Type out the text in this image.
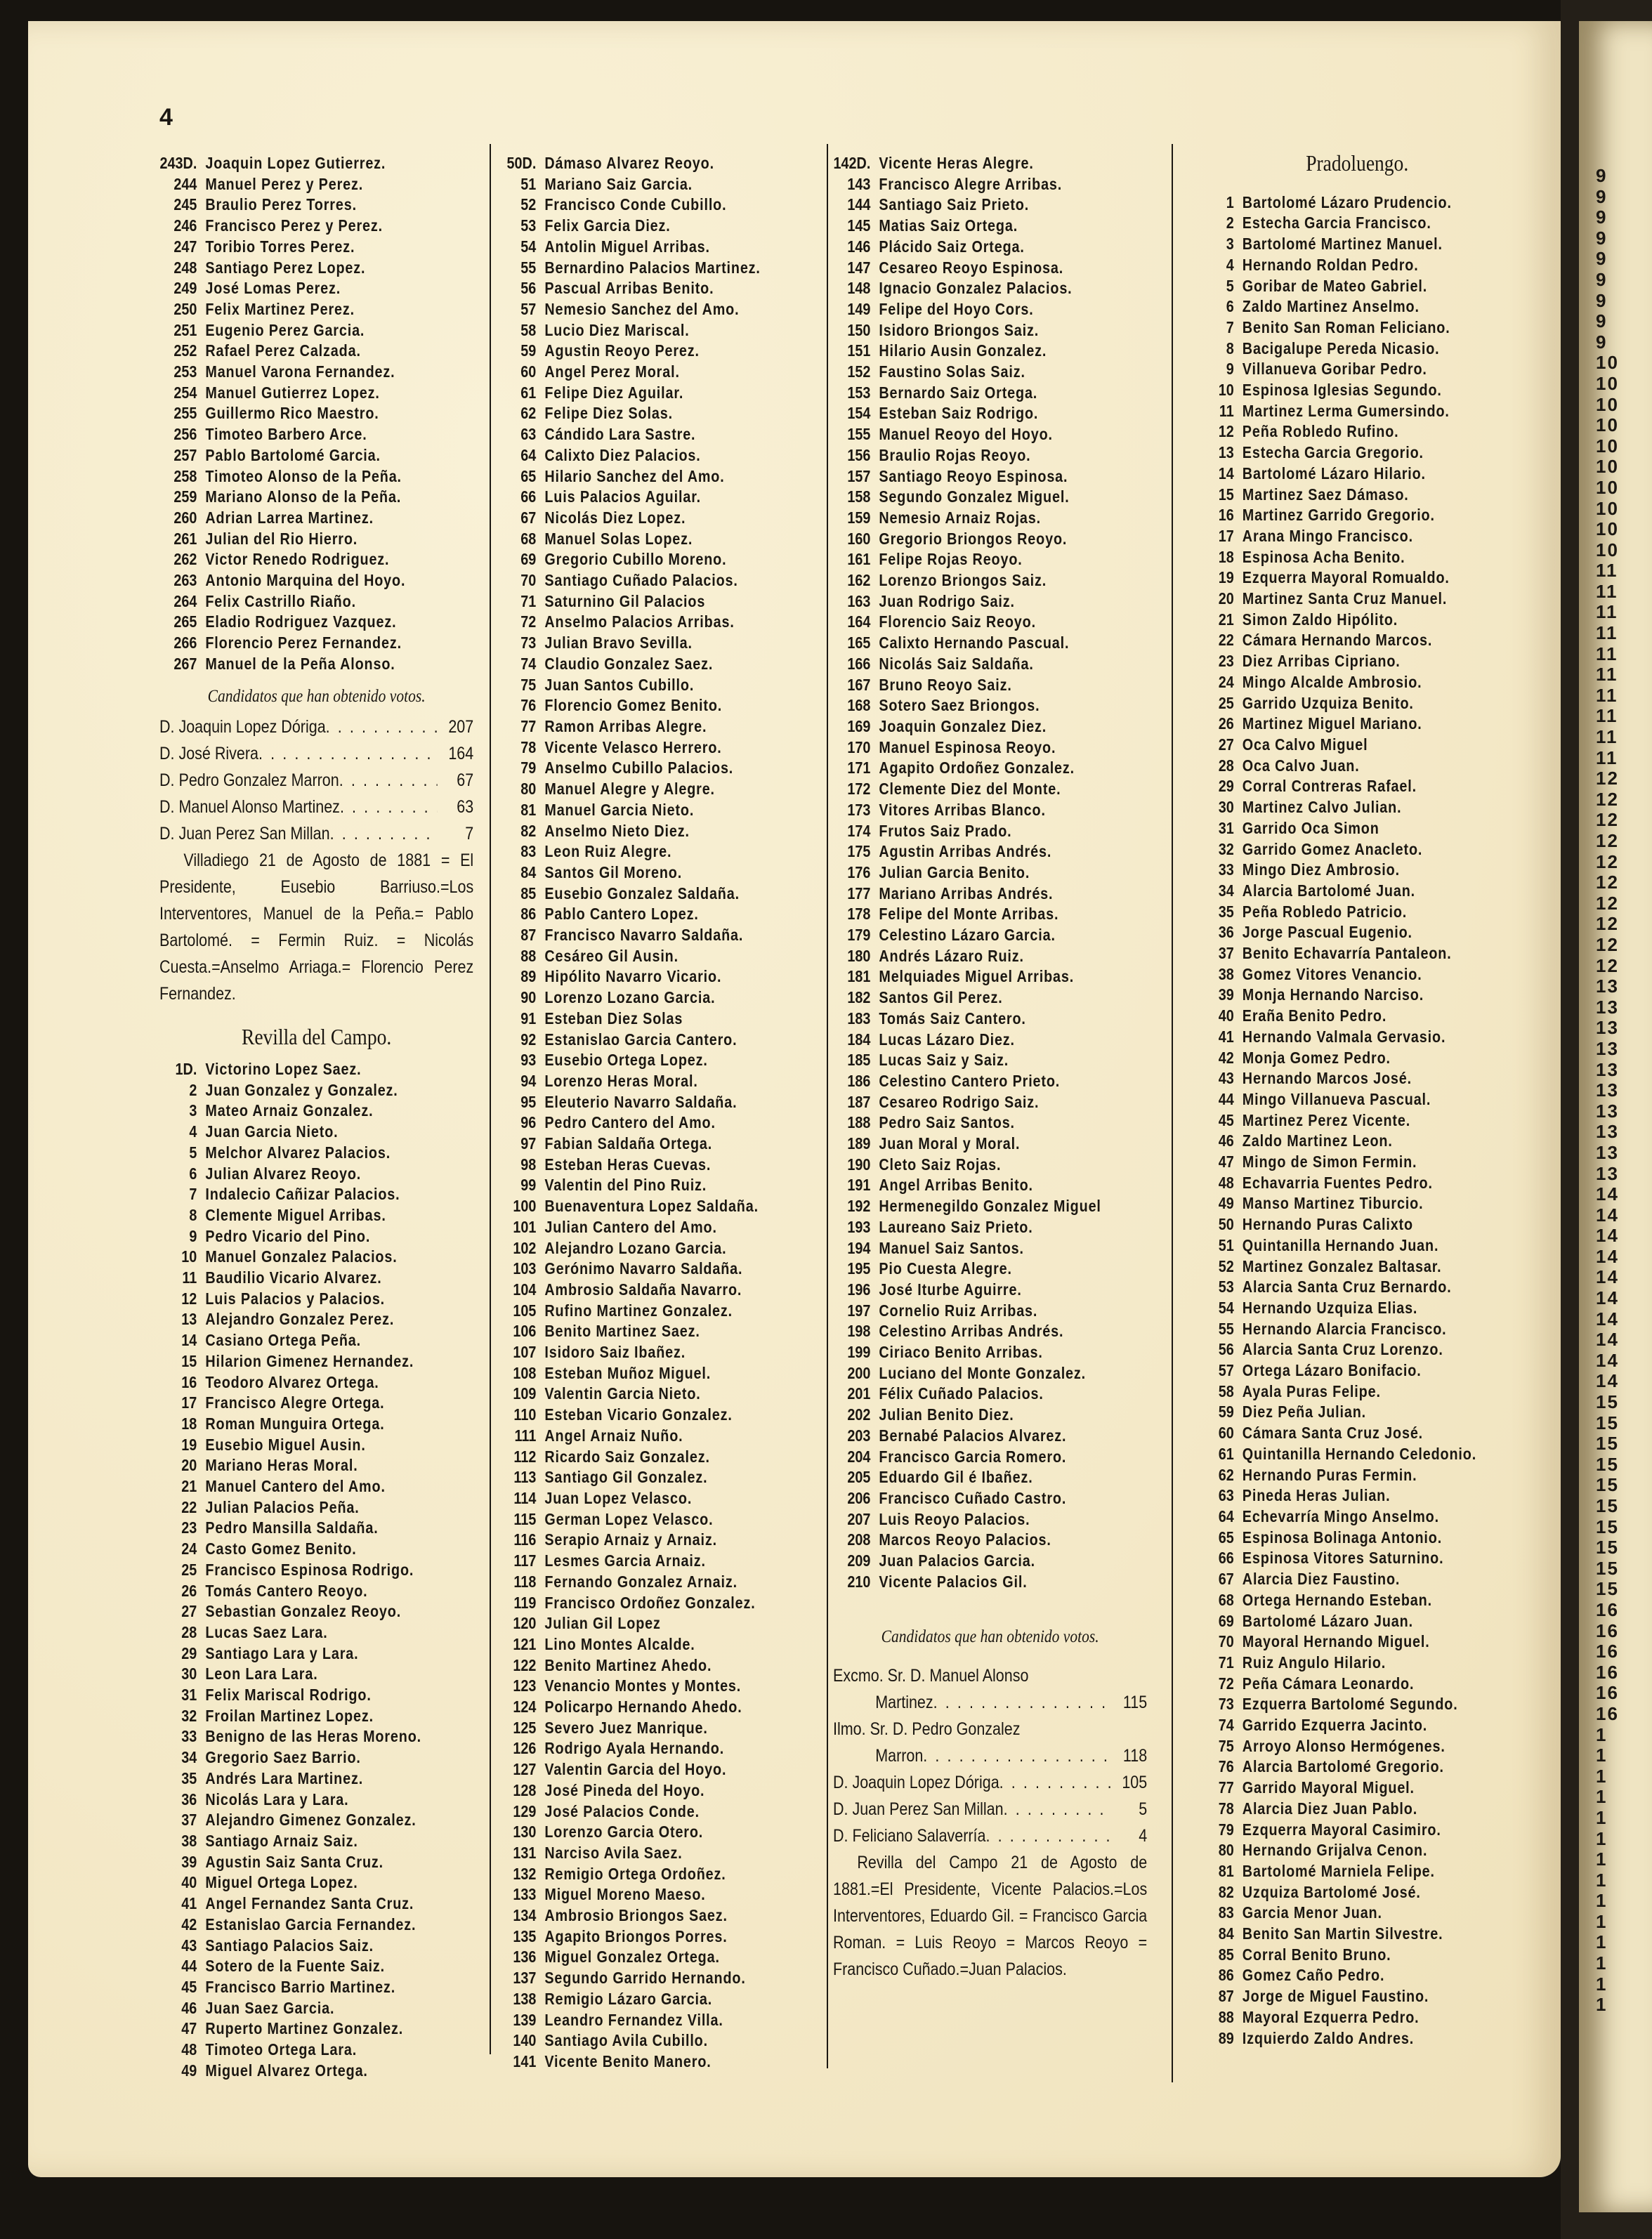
9
9
9
9
9
9
9
9
9
10
10
10
10
10
10
10
10
10
10
11
11
11
11
11
11
11
11
11
11
12
12
12
12
12
12
12
12
12
12
13
13
13
13
13
13
13
13
13
13
14
14
14
14
14
14
14
14
14
14
15
15
15
15
15
15
15
15
15
15
16
16
16
16
16
16
1
1
1
1
1
1
1
1
1
1
1
1
1
1
4
243D. Joaquin Lopez Gutierrez.
244 Manuel Perez y Perez.
245 Braulio Perez Torres.
246 Francisco Perez y Perez.
247 Toribio Torres Perez.
248 Santiago Perez Lopez.
249 José Lomas Perez.
250 Felix Martinez Perez.
251 Eugenio Perez Garcia.
252 Rafael Perez Calzada.
253 Manuel Varona Fernandez.
254 Manuel Gutierrez Lopez.
255 Guillermo Rico Maestro.
256 Timoteo Barbero Arce.
257 Pablo Bartolomé Garcia.
258 Timoteo Alonso de la Peña.
259 Mariano Alonso de la Peña.
260 Adrian Larrea Martinez.
261 Julian del Rio Hierro.
262 Victor Renedo Rodriguez.
263 Antonio Marquina del Hoyo.
264 Felix Castrillo Riaño.
265 Eladio Rodriguez Vazquez.
266 Florencio Perez Fernandez.
267 Manuel de la Peña Alonso.
Candidatos que han obtenido votos.
D. Joaquin Lopez Dóriga . . .	207
D. José Rivera . . .	164
D. Pedro Gonzalez Marron . . .	67
D. Manuel Alonso Martinez . . .	63
D. Juan Perez San Millan . . .	7
Villadiego 21 de Agosto de 1881 = El Presidente, Eusebio Barriuso.=Los Interventores, Manuel de la Peña.= Pablo Bartolomé. = Fermin Ruiz. = Nicolás Cuesta.=Anselmo Arriaga.= Florencio Perez Fernandez.
Revilla del Campo.
1D. Victorino Lopez Saez.
2 Juan Gonzalez y Gonzalez.
3 Mateo Arnaiz Gonzalez.
4 Juan Garcia Nieto.
5 Melchor Alvarez Palacios.
6 Julian Alvarez Reoyo.
7 Indalecio Cañizar Palacios.
8 Clemente Miguel Arribas.
9 Pedro Vicario del Pino.
10 Manuel Gonzalez Palacios.
11 Baudilio Vicario Alvarez.
12 Luis Palacios y Palacios.
13 Alejandro Gonzalez Perez.
14 Casiano Ortega Peña.
15 Hilarion Gimenez Hernandez.
16 Teodoro Alvarez Ortega.
17 Francisco Alegre Ortega.
18 Roman Munguira Ortega.
19 Eusebio Miguel Ausin.
20 Mariano Heras Moral.
21 Manuel Cantero del Amo.
22 Julian Palacios Peña.
23 Pedro Mansilla Saldaña.
24 Casto Gomez Benito.
25 Francisco Espinosa Rodrigo.
26 Tomás Cantero Reoyo.
27 Sebastian Gonzalez Reoyo.
28 Lucas Saez Lara.
29 Santiago Lara y Lara.
30 Leon Lara Lara.
31 Felix Mariscal Rodrigo.
32 Froilan Martinez Lopez.
33 Benigno de las Heras Moreno.
34 Gregorio Saez Barrio.
35 Andrés Lara Martinez.
36 Nicolás Lara y Lara.
37 Alejandro Gimenez Gonzalez.
38 Santiago Arnaiz Saiz.
39 Agustin Saiz Santa Cruz.
40 Miguel Ortega Lopez.
41 Angel Fernandez Santa Cruz.
42 Estanislao Garcia Fernandez.
43 Santiago Palacios Saiz.
44 Sotero de la Fuente Saiz.
45 Francisco Barrio Martinez.
46 Juan Saez Garcia.
47 Ruperto Martinez Gonzalez.
48 Timoteo Ortega Lara.
49 Miguel Alvarez Ortega.
50D. Dámaso Alvarez Reoyo.
51 Mariano Saiz Garcia.
52 Francisco Conde Cubillo.
53 Felix Garcia Diez.
54 Antolin Miguel Arribas.
55 Bernardino Palacios Martinez.
56 Pascual Arribas Benito.
57 Nemesio Sanchez del Amo.
58 Lucio Diez Mariscal.
59 Agustin Reoyo Perez.
60 Angel Perez Moral.
61 Felipe Diez Aguilar.
62 Felipe Diez Solas.
63 Cándido Lara Sastre.
64 Calixto Diez Palacios.
65 Hilario Sanchez del Amo.
66 Luis Palacios Aguilar.
67 Nicolás Diez Lopez.
68 Manuel Solas Lopez.
69 Gregorio Cubillo Moreno.
70 Santiago Cuñado Palacios.
71 Saturnino Gil Palacios
72 Anselmo Palacios Arribas.
73 Julian Bravo Sevilla.
74 Claudio Gonzalez Saez.
75 Juan Santos Cubillo.
76 Florencio Gomez Benito.
77 Ramon Arribas Alegre.
78 Vicente Velasco Herrero.
79 Anselmo Cubillo Palacios.
80 Manuel Alegre y Alegre.
81 Manuel Garcia Nieto.
82 Anselmo Nieto Diez.
83 Leon Ruiz Alegre.
84 Santos Gil Moreno.
85 Eusebio Gonzalez Saldaña.
86 Pablo Cantero Lopez.
87 Francisco Navarro Saldaña.
88 Cesáreo Gil Ausin.
89 Hipólito Navarro Vicario.
90 Lorenzo Lozano Garcia.
91 Esteban Diez Solas
92 Estanislao Garcia Cantero.
93 Eusebio Ortega Lopez.
94 Lorenzo Heras Moral.
95 Eleuterio Navarro Saldaña.
96 Pedro Cantero del Amo.
97 Fabian Saldaña Ortega.
98 Esteban Heras Cuevas.
99 Valentin del Pino Ruiz.
100 Buenaventura Lopez Saldaña.
101 Julian Cantero del Amo.
102 Alejandro Lozano Garcia.
103 Gerónimo Navarro Saldaña.
104 Ambrosio Saldaña Navarro.
105 Rufino Martinez Gonzalez.
106 Benito Martinez Saez.
107 Isidoro Saiz Ibañez.
108 Esteban Muñoz Miguel.
109 Valentin Garcia Nieto.
110 Esteban Vicario Gonzalez.
111 Angel Arnaiz Nuño.
112 Ricardo Saiz Gonzalez.
113 Santiago Gil Gonzalez.
114 Juan Lopez Velasco.
115 German Lopez Velasco.
116 Serapio Arnaiz y Arnaiz.
117 Lesmes Garcia Arnaiz.
118 Fernando Gonzalez Arnaiz.
119 Francisco Ordoñez Gonzalez.
120 Julian Gil Lopez
121 Lino Montes Alcalde.
122 Benito Martinez Ahedo.
123 Venancio Montes y Montes.
124 Policarpo Hernando Ahedo.
125 Severo Juez Manrique.
126 Rodrigo Ayala Hernando.
127 Valentin Garcia del Hoyo.
128 José Pineda del Hoyo.
129 José Palacios Conde.
130 Lorenzo Garcia Otero.
131 Narciso Avila Saez.
132 Remigio Ortega Ordoñez.
133 Miguel Moreno Maeso.
134 Ambrosio Briongos Saez.
135 Agapito Briongos Porres.
136 Miguel Gonzalez Ortega.
137 Segundo Garrido Hernando.
138 Remigio Lázaro Garcia.
139 Leandro Fernandez Villa.
140 Santiago Avila Cubillo.
141 Vicente Benito Manero.
142D. Vicente Heras Alegre.
143 Francisco Alegre Arribas.
144 Santiago Saiz Prieto.
145 Matias Saiz Ortega.
146 Plácido Saiz Ortega.
147 Cesareo Reoyo Espinosa.
148 Ignacio Gonzalez Palacios.
149 Felipe del Hoyo Cors.
150 Isidoro Briongos Saiz.
151 Hilario Ausin Gonzalez.
152 Faustino Solas Saiz.
153 Bernardo Saiz Ortega.
154 Esteban Saiz Rodrigo.
155 Manuel Reoyo del Hoyo.
156 Braulio Rojas Reoyo.
157 Santiago Reoyo Espinosa.
158 Segundo Gonzalez Miguel.
159 Nemesio Arnaiz Rojas.
160 Gregorio Briongos Reoyo.
161 Felipe Rojas Reoyo.
162 Lorenzo Briongos Saiz.
163 Juan Rodrigo Saiz.
164 Florencio Saiz Reoyo.
165 Calixto Hernando Pascual.
166 Nicolás Saiz Saldaña.
167 Bruno Reoyo Saiz.
168 Sotero Saez Briongos.
169 Joaquin Gonzalez Diez.
170 Manuel Espinosa Reoyo.
171 Agapito Ordoñez Gonzalez.
172 Clemente Diez del Monte.
173 Vitores Arribas Blanco.
174 Frutos Saiz Prado.
175 Agustin Arribas Andrés.
176 Julian Garcia Benito.
177 Mariano Arribas Andrés.
178 Felipe del Monte Arribas.
179 Celestino Lázaro Garcia.
180 Andrés Lázaro Ruiz.
181 Melquiades Miguel Arribas.
182 Santos Gil Perez.
183 Tomás Saiz Cantero.
184 Lucas Lázaro Diez.
185 Lucas Saiz y Saiz.
186 Celestino Cantero Prieto.
187 Cesareo Rodrigo Saiz.
188 Pedro Saiz Santos.
189 Juan Moral y Moral.
190 Cleto Saiz Rojas.
191 Angel Arribas Benito.
192 Hermenegildo Gonzalez Miguel
193 Laureano Saiz Prieto.
194 Manuel Saiz Santos.
195 Pio Cuesta Alegre.
196 José Iturbe Aguirre.
197 Cornelio Ruiz Arribas.
198 Celestino Arribas Andrés.
199 Ciriaco Benito Arribas.
200 Luciano del Monte Gonzalez.
201 Félix Cuñado Palacios.
202 Julian Benito Diez.
203 Bernabé Palacios Alvarez.
204 Francisco Garcia Romero.
205 Eduardo Gil é Ibañez.
206 Francisco Cuñado Castro.
207 Luis Reoyo Palacios.
208 Marcos Reoyo Palacios.
209 Juan Palacios Garcia.
210 Vicente Palacios Gil.
Candidatos que han obtenido votos.
Excmo. Sr. D. Manuel Alonso
Martinez . . .	115
Ilmo. Sr. D. Pedro Gonzalez
Marron . . .	118
D. Joaquin Lopez Dóriga . . .	105
D. Juan Perez San Millan . . .	5
D. Feliciano Salaverría . . .	4
Revilla del Campo 21 de Agosto de 1881.=El Presidente, Vicente Palacios.=Los Interventores, Eduardo Gil. = Francisco Garcia Roman. = Luis Reoyo = Marcos Reoyo = Francisco Cuñado.=Juan Palacios.
Pradoluengo.
1 Bartolomé Lázaro Prudencio.
2 Estecha Garcia Francisco.
3 Bartolomé Martinez Manuel.
4 Hernando Roldan Pedro.
5 Goribar de Mateo Gabriel.
6 Zaldo Martinez Anselmo.
7 Benito San Roman Feliciano.
8 Bacigalupe Pereda Nicasio.
9 Villanueva Goribar Pedro.
10 Espinosa Iglesias Segundo.
11 Martinez Lerma Gumersindo.
12 Peña Robledo Rufino.
13 Estecha Garcia Gregorio.
14 Bartolomé Lázaro Hilario.
15 Martinez Saez Dámaso.
16 Martinez Garrido Gregorio.
17 Arana Mingo Francisco.
18 Espinosa Acha Benito.
19 Ezquerra Mayoral Romualdo.
20 Martinez Santa Cruz Manuel.
21 Simon Zaldo Hipólito.
22 Cámara Hernando Marcos.
23 Diez Arribas Cipriano.
24 Mingo Alcalde Ambrosio.
25 Garrido Uzquiza Benito.
26 Martinez Miguel Mariano.
27 Oca Calvo Miguel
28 Oca Calvo Juan.
29 Corral Contreras Rafael.
30 Martinez Calvo Julian.
31 Garrido Oca Simon
32 Garrido Gomez Anacleto.
33 Mingo Diez Ambrosio.
34 Alarcia Bartolomé Juan.
35 Peña Robledo Patricio.
36 Jorge Pascual Eugenio.
37 Benito Echavarría Pantaleon.
38 Gomez Vitores Venancio.
39 Monja Hernando Narciso.
40 Eraña Benito Pedro.
41 Hernando Valmala Gervasio.
42 Monja Gomez Pedro.
43 Hernando Marcos José.
44 Mingo Villanueva Pascual.
45 Martinez Perez Vicente.
46 Zaldo Martinez Leon.
47 Mingo de Simon Fermin.
48 Echavarria Fuentes Pedro.
49 Manso Martinez Tiburcio.
50 Hernando Puras Calixto
51 Quintanilla Hernando Juan.
52 Martinez Gonzalez Baltasar.
53 Alarcia Santa Cruz Bernardo.
54 Hernando Uzquiza Elias.
55 Hernando Alarcia Francisco.
56 Alarcia Santa Cruz Lorenzo.
57 Ortega Lázaro Bonifacio.
58 Ayala Puras Felipe.
59 Diez Peña Julian.
60 Cámara Santa Cruz José.
61 Quintanilla Hernando Celedonio.
62 Hernando Puras Fermin.
63 Pineda Heras Julian.
64 Echevarría Mingo Anselmo.
65 Espinosa Bolinaga Antonio.
66 Espinosa Vitores Saturnino.
67 Alarcia Diez Faustino.
68 Ortega Hernando Esteban.
69 Bartolomé Lázaro Juan.
70 Mayoral Hernando Miguel.
71 Ruiz Angulo Hilario.
72 Peña Cámara Leonardo.
73 Ezquerra Bartolomé Segundo.
74 Garrido Ezquerra Jacinto.
75 Arroyo Alonso Hermógenes.
76 Alarcia Bartolomé Gregorio.
77 Garrido Mayoral Miguel.
78 Alarcia Diez Juan Pablo.
79 Ezquerra Mayoral Casimiro.
80 Hernando Grijalva Cenon.
81 Bartolomé Marniela Felipe.
82 Uzquiza Bartolomé José.
83 Garcia Menor Juan.
84 Benito San Martin Silvestre.
85 Corral Benito Bruno.
86 Gomez Caño Pedro.
87 Jorge de Miguel Faustino.
88 Mayoral Ezquerra Pedro.
89 Izquierdo Zaldo Andres.
